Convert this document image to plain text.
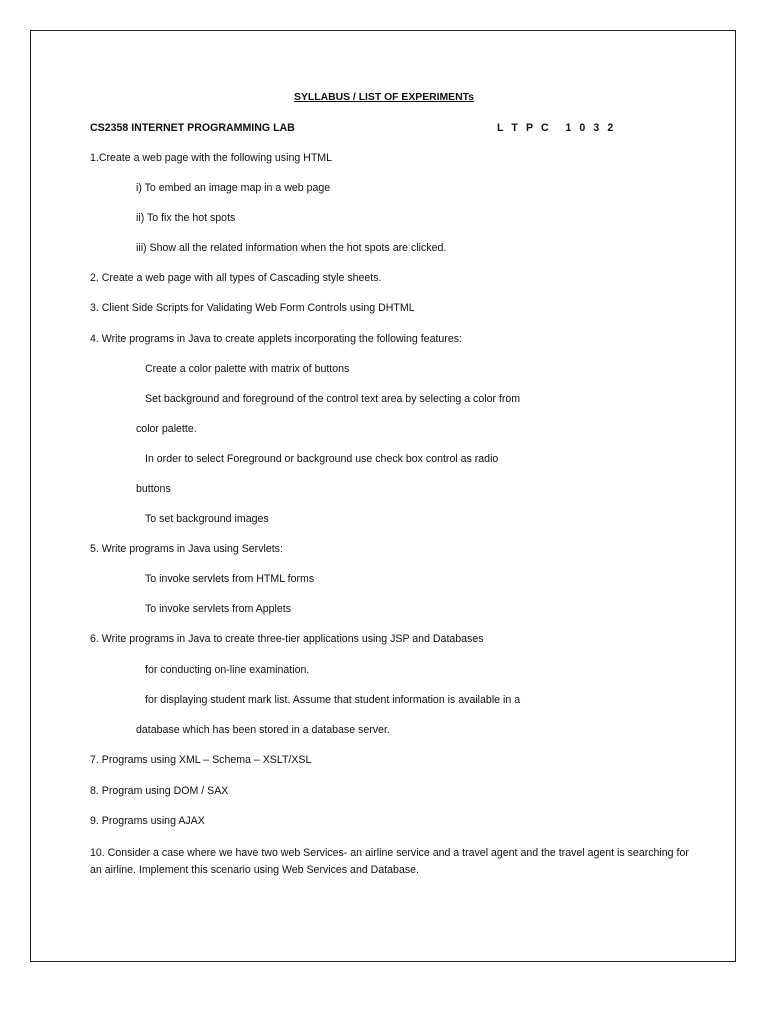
SYLLABUS / LIST OF EXPERIMENTs
CS2358 INTERNET PROGRAMMING LAB	L T P C 1 0 3 2
1.Create a web page with the following using HTML
i) To embed an image map in a web page
ii) To fix the hot spots
iii) Show all the related information when the hot spots are clicked.
2. Create a web page with all types of Cascading style sheets.
3. Client Side Scripts for Validating Web Form Controls using DHTML
4. Write programs in Java to create applets incorporating the following features:
Create a color palette with matrix of buttons
Set background and foreground of the control text area by selecting a color from
color palette.
In order to select Foreground or background use check box control as radio
buttons
To set background images
5. Write programs in Java using Servlets:
To invoke servlets from HTML forms
To invoke servlets from Applets
6. Write programs in Java to create three-tier applications using JSP and Databases
for conducting on-line examination.
for displaying student mark list. Assume that student information is available in a
database which has been stored in a database server.
7. Programs using XML – Schema – XSLT/XSL
8. Program using DOM / SAX
9. Programs using AJAX
10. Consider a case where we have two web Services- an airline service and a travel agent and the travel agent is searching for an airline. Implement this scenario using Web Services and Database.
